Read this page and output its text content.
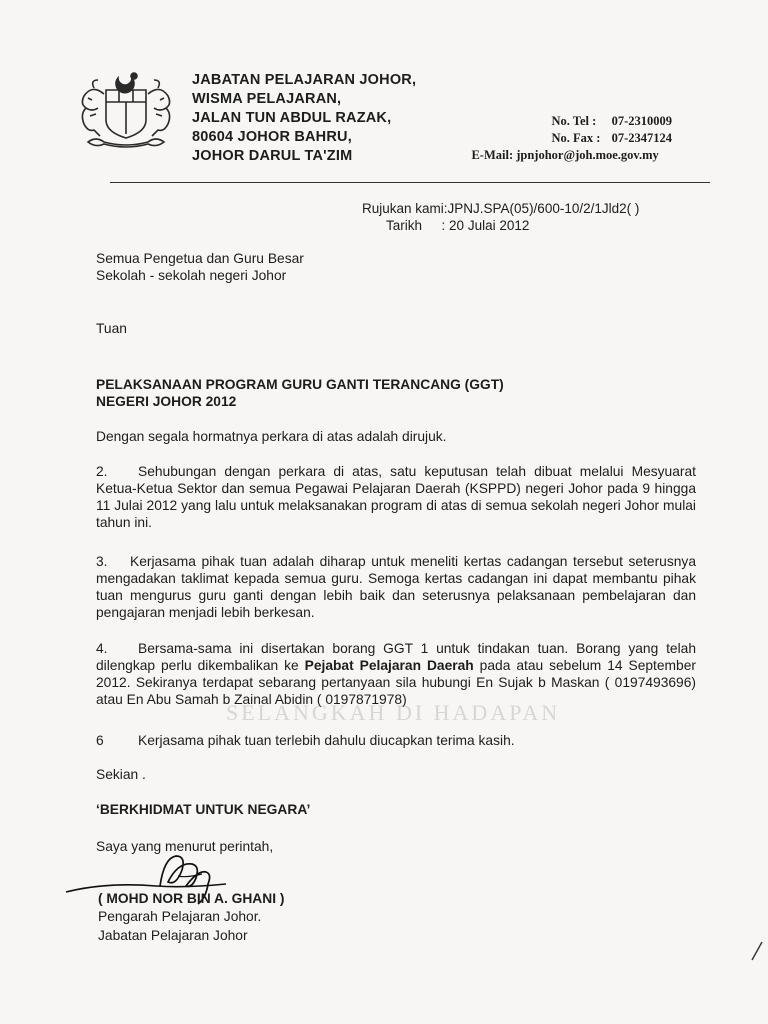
JABATAN PELAJARAN JOHOR,
WISMA PELAJARAN,
JALAN TUN ABDUL RAZAK,
80604 JOHOR BAHRU,
JOHOR DARUL TA'ZIM
No. Tel : 07-2310009
No. Fax : 07-2347124
E-Mail: jpnjohor@joh.moe.gov.my
Rujukan kami:JPNJ.SPA(05)/600-10/2/1Jld2( )
Tarikh : 20 Julai 2012
Semua Pengetua dan Guru Besar
Sekolah - sekolah negeri Johor
Tuan
PELAKSANAAN PROGRAM GURU GANTI TERANCANG (GGT)
NEGERI JOHOR 2012
Dengan segala hormatnya perkara di atas adalah dirujuk.
2. Sehubungan dengan perkara di atas, satu keputusan telah dibuat melalui Mesyuarat Ketua-Ketua Sektor dan semua Pegawai Pelajaran Daerah (KSPPD) negeri Johor pada 9 hingga 11 Julai 2012 yang lalu untuk melaksanakan program di atas di semua sekolah negeri Johor mulai tahun ini.
3. Kerjasama pihak tuan adalah diharap untuk meneliti kertas cadangan tersebut seterusnya mengadakan taklimat kepada semua guru. Semoga kertas cadangan ini dapat membantu pihak tuan mengurus guru ganti dengan lebih baik dan seterusnya pelaksanaan pembelajaran dan pengajaran menjadi lebih berkesan.
4. Bersama-sama ini disertakan borang GGT 1 untuk tindakan tuan. Borang yang telah dilengkap perlu dikembalikan ke Pejabat Pelajaran Daerah pada atau sebelum 14 September 2012. Sekiranya terdapat sebarang pertanyaan sila hubungi En Sujak b Maskan ( 0197493696) atau En Abu Samah b Zainal Abidin ( 0197871978)
SELANGKAH DI HADAPAN
6 Kerjasama pihak tuan terlebih dahulu diucapkan terima kasih.
Sekian .
‘BERKHIDMAT UNTUK NEGARA’
Saya yang menurut perintah,
( MOHD NOR BIN A. GHANI )
Pengarah Pelajaran Johor.
Jabatan Pelajaran Johor
